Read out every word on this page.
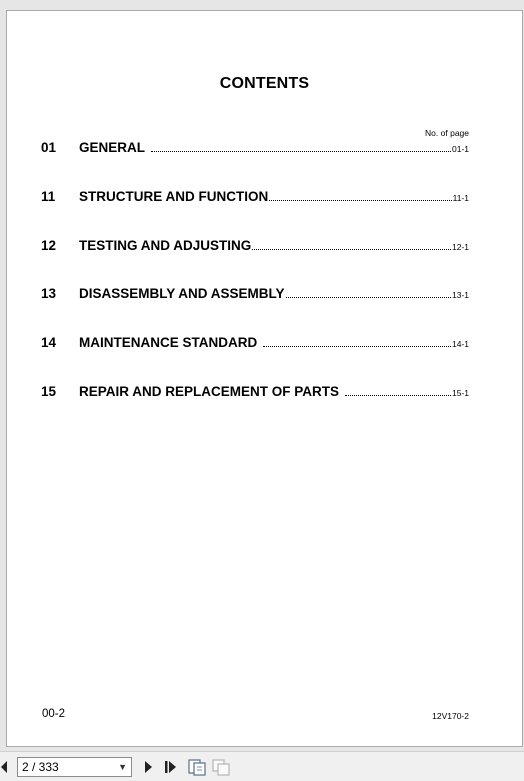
CONTENTS
No. of page
01	GENERAL	01-1
11	STRUCTURE AND FUNCTION	11-1
12	TESTING AND ADJUSTING	12-1
13	DISASSEMBLY AND ASSEMBLY	13-1
14	MAINTENANCE STANDARD	14-1
15	REPAIR AND REPLACEMENT OF PARTS	15-1
00-2	12V170-2
2 / 333	▼
